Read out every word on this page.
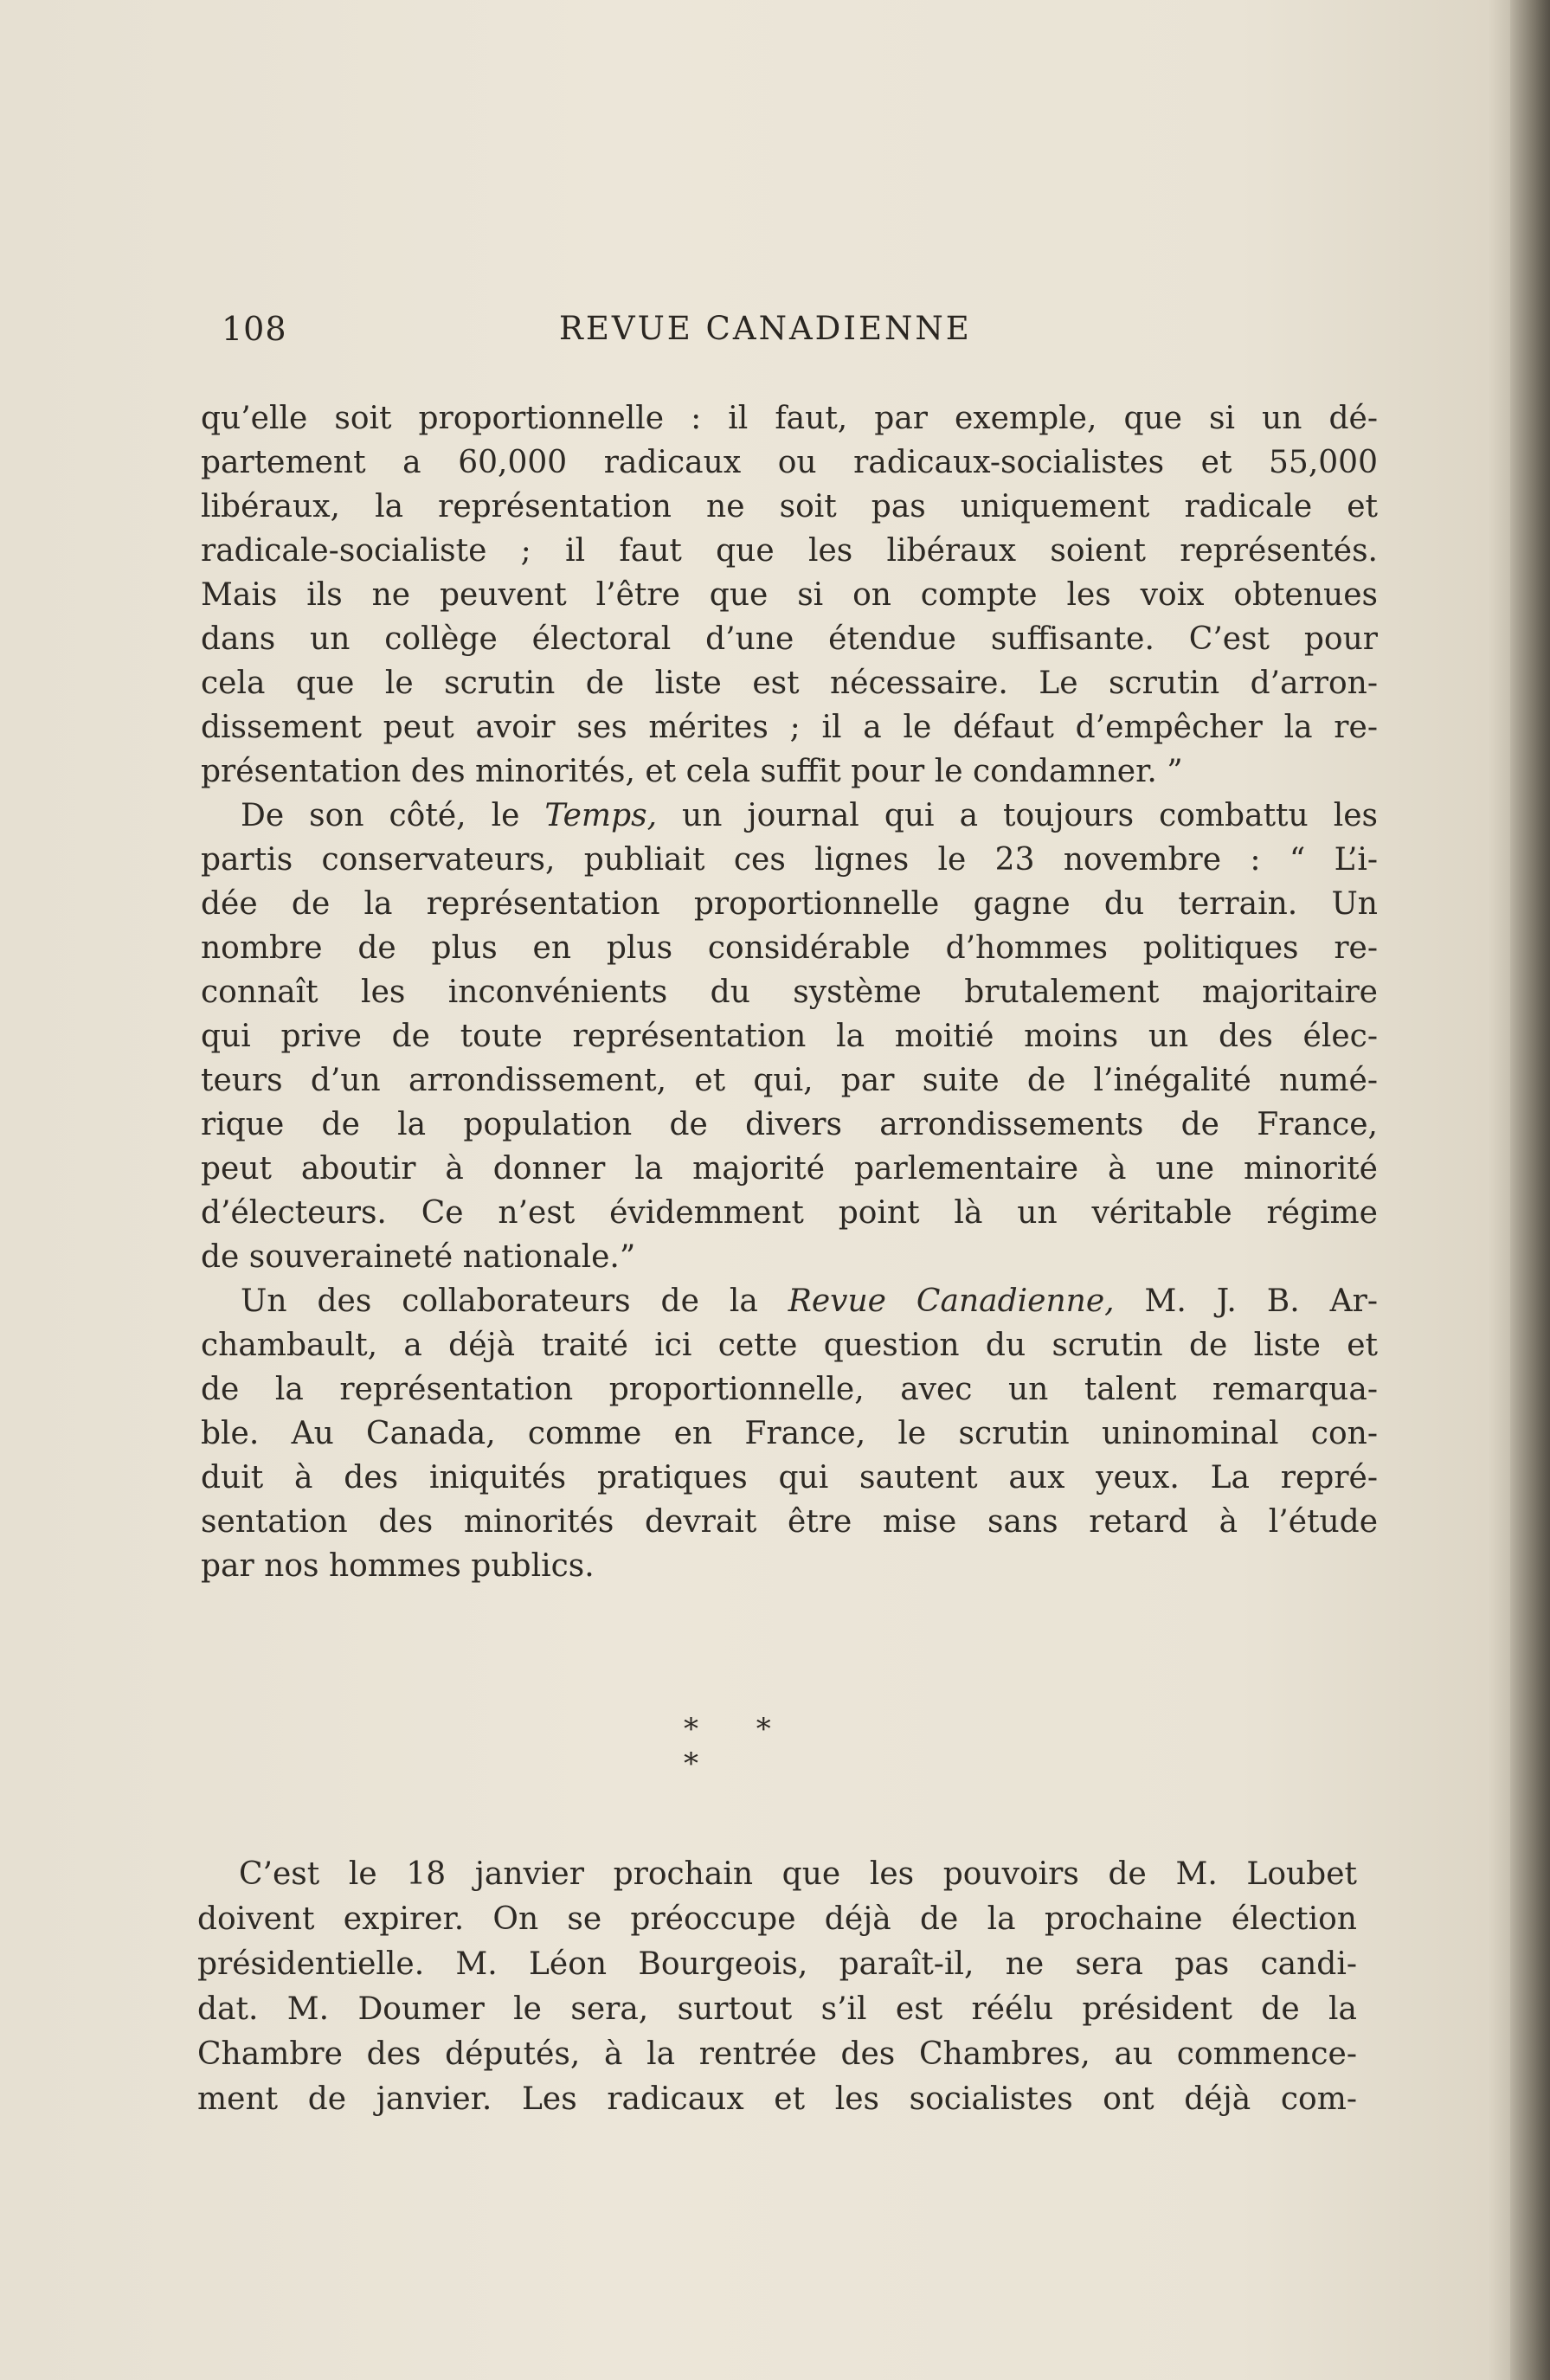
108	REVUE CANADIENNE
qu’elle soit proportionnelle : il faut, par exemple, que si un dé-
partement a 60,000 radicaux ou radicaux-socialistes et 55,000
libéraux, la représentation ne soit pas uniquement radicale et
radicale-socialiste ; il faut que les libéraux soient représentés.
Mais ils ne peuvent l’être que si on compte les voix obtenues
dans un collège électoral d’une étendue suffisante. C’est pour
cela que le scrutin de liste est nécessaire. Le scrutin d’arron-
dissement peut avoir ses mérites ; il a le défaut d’empêcher la re-
présentation des minorités, et cela suffit pour le condamner. ”
De son côté, le Temps, un journal qui a toujours combattu les
partis conservateurs, publiait ces lignes le 23 novembre : “ L’i-
dée de la représentation proportionnelle gagne du terrain. Un
nombre de plus en plus considérable d’hommes politiques re-
connaît les inconvénients du système brutalement majoritaire
qui prive de toute représentation la moitié moins un des élec-
teurs d’un arrondissement, et qui, par suite de l’inégalité numé-
rique de la population de divers arrondissements de France,
peut aboutir à donner la majorité parlementaire à une minorité
d’électeurs. Ce n’est évidemment point là un véritable régime
de souveraineté nationale.”
Un des collaborateurs de la Revue Canadienne, M. J. B. Ar-
chambault, a déjà traité ici cette question du scrutin de liste et
de la représentation proportionnelle, avec un talent remarqua-
ble. Au Canada, comme en France, le scrutin uninominal con-
duit à des iniquités pratiques qui sautent aux yeux. La repré-
sentation des minorités devrait être mise sans retard à l’étude
par nos hommes publics.
* * *
C’est le 18 janvier prochain que les pouvoirs de M. Loubet
doivent expirer. On se préoccupe déjà de la prochaine élection
présidentielle. M. Léon Bourgeois, paraît-il, ne sera pas candi-
dat. M. Doumer le sera, surtout s’il est réélu président de la
Chambre des députés, à la rentrée des Chambres, au commence-
ment de janvier. Les radicaux et les socialistes ont déjà com-
